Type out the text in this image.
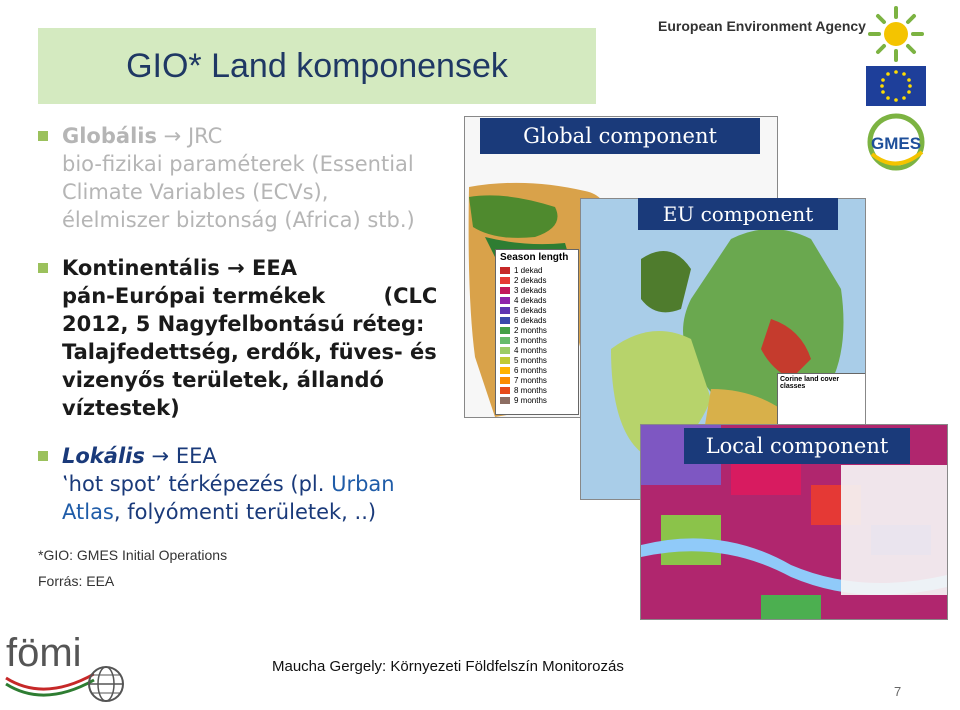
GIO* Land komponensek
European Environment Agency
GMES
Globális → JRC
bio-fizikai paraméterek (Essential
Climate Variables (ECVs),
élelmiszer biztonság (Africa) stb.)
Kontinentális → EEA
pán-Európai termékek        (CLC
2012, 5 Nagyfelbontású réteg:
Talajfedettség, erdők, füves- és
vizenyős területek, állandó
víztestek)
Lokális → EEA
‛hot spot’ térképezés (pl. Urban
Atlas, folyómenti területek, ..)
*GIO: GMES Initial Operations
Forrás: EEA
Season length
1 dekad
2 dekads
3 dekads
4 dekads
5 dekads
6 dekads
2 months
3 months
4 months
5 months
6 months
7 months
8 months
9 months
Global component
Corine land cover classes
EU component
Local component
fömi	Maucha Gergely: Környezeti Földfelszín Monitorozás
7
